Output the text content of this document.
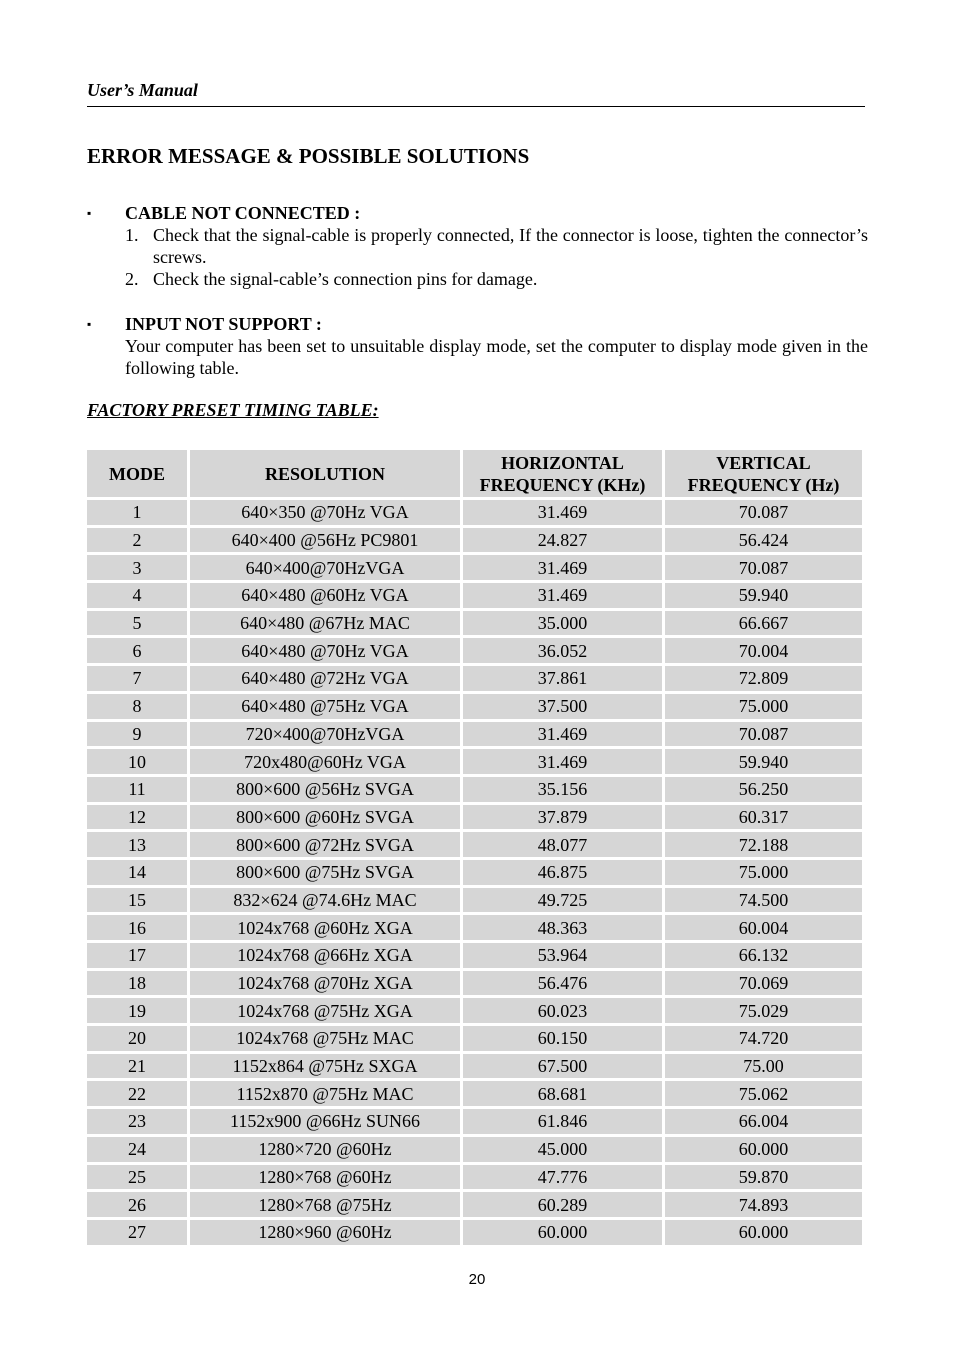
User’s Manual
ERROR MESSAGE & POSSIBLE SOLUTIONS
▪ CABLE NOT CONNECTED :
1. Check that the signal-cable is properly connected, If the connector is loose, tighten the connector’s screws.
2. Check the signal-cable’s connection pins for damage.
▪ INPUT NOT SUPPORT :

Your computer has been set to unsuitable display mode, set the computer to display mode given in the following table.

FACTORY PRESET TIMING TABLE:
MODE	RESOLUTION	HORIZONTAL FREQUENCY (KHz)	VERTICAL FREQUENCY (Hz)
1	640×350 @70Hz VGA	31.469	70.087
2	640×400 @56Hz PC9801	24.827	56.424
3	640×400@70HzVGA	31.469	70.087
4	640×480 @60Hz VGA	31.469	59.940
5	640×480 @67Hz MAC	35.000	66.667
6	640×480 @70Hz VGA	36.052	70.004
7	640×480 @72Hz VGA	37.861	72.809
8	640×480 @75Hz VGA	37.500	75.000
9	720×400@70HzVGA	31.469	70.087
10	720x480@60Hz VGA	31.469	59.940
11	800×600 @56Hz SVGA	35.156	56.250
12	800×600 @60Hz SVGA	37.879	60.317
13	800×600 @72Hz SVGA	48.077	72.188
14	800×600 @75Hz SVGA	46.875	75.000
15	832×624 @74.6Hz MAC	49.725	74.500
16	1024x768 @60Hz XGA	48.363	60.004
17	1024x768 @66Hz XGA	53.964	66.132
18	1024x768 @70Hz XGA	56.476	70.069
19	1024x768 @75Hz XGA	60.023	75.029
20	1024x768 @75Hz MAC	60.150	74.720
21	1152x864 @75Hz SXGA	67.500	75.00
22	1152x870 @75Hz MAC	68.681	75.062
23	1152x900 @66Hz SUN66	61.846	66.004
24	1280×720 @60Hz	45.000	60.000
25	1280×768 @60Hz	47.776	59.870
26	1280×768 @75Hz	60.289	74.893
27	1280×960 @60Hz	60.000	60.000
20
